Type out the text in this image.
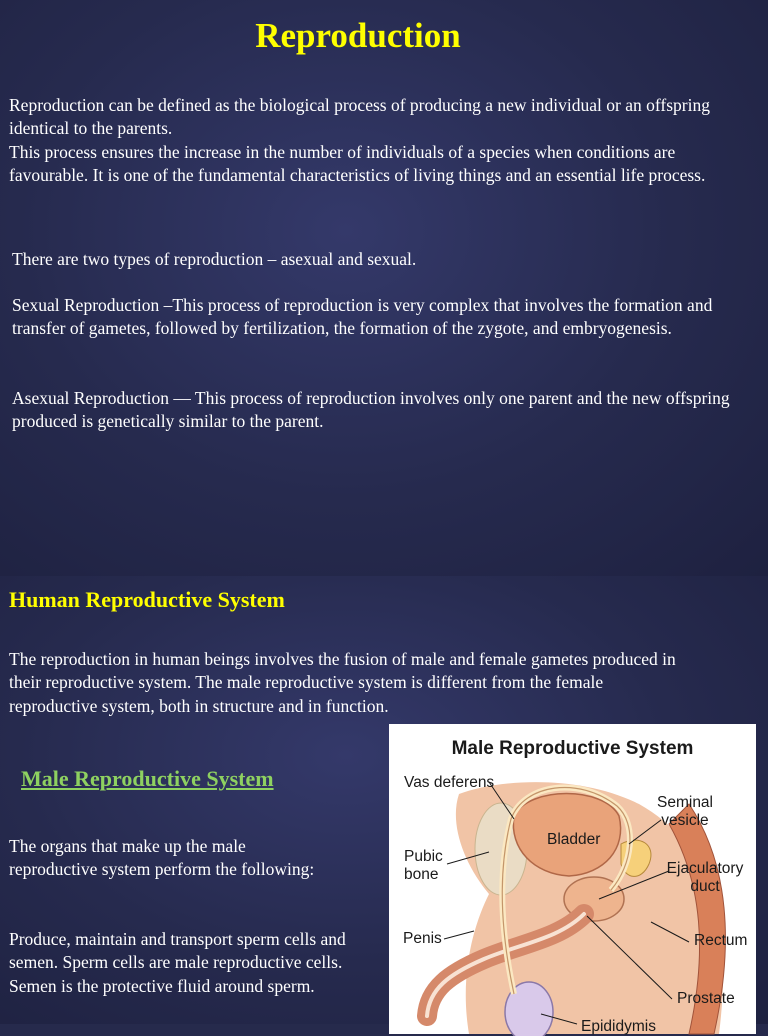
Reproduction

Reproduction can be defined as the biological process of producing a new individual or an offspring identical to the parents.

This process ensures the increase in the number of individuals of a species when conditions are favourable. It is one of the fundamental characteristics of living things and an essential life process.

There are two types of reproduction – asexual and sexual.

Sexual Reproduction –This process of reproduction is very complex that involves the formation and transfer of gametes, followed by fertilization, the formation of the zygote, and embryogenesis.

Asexual Reproduction — This process of reproduction involves only one parent and the new offspring produced is genetically similar to the parent.

Human Reproductive System

The reproduction in human beings involves the fusion of male and female gametes produced in their reproductive system. The male reproductive system is different from the female reproductive system, both in structure and in function.

Male Reproductive System

The organs that make up the male reproductive system perform the following:

Produce, maintain and transport sperm cells and semen. Sperm cells are male reproductive cells. Semen is the protective fluid around sperm.

Male Reproductive System
Vas deferens
Seminal
vesicle
Bladder
Pubic
bone	Ejaculatory
duct
Penis	Rectum
Prostate
Epididymis
